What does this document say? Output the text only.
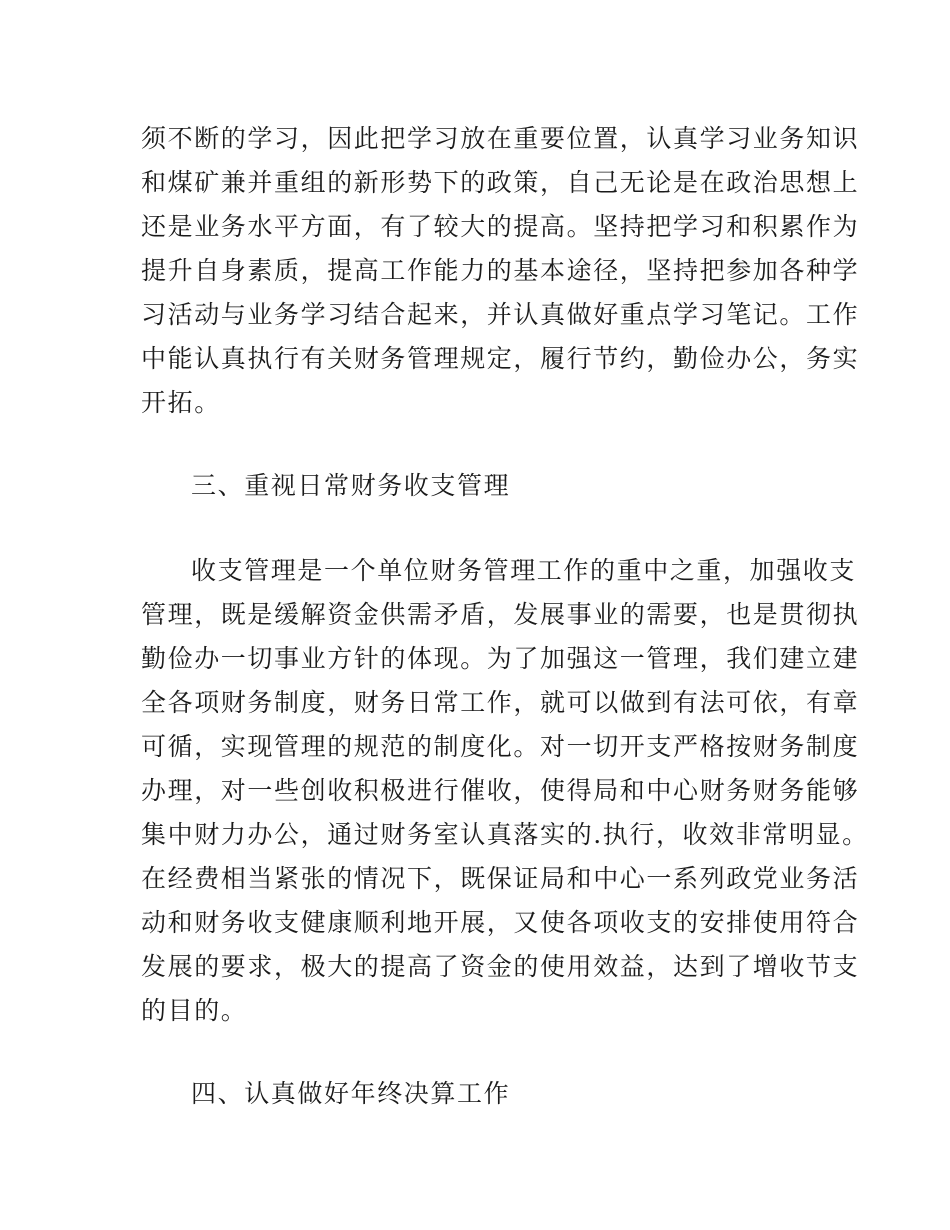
须不断的学习，因此把学习放在重要位置，认真学习业务知识
和煤矿兼并重组的新形势下的政策，自己无论是在政治思想上
还是业务水平方面，有了较大的提高。坚持把学习和积累作为
提升自身素质，提高工作能力的基本途径，坚持把参加各种学
习活动与业务学习结合起来，并认真做好重点学习笔记。工作
中能认真执行有关财务管理规定，履行节约，勤俭办公，务实
开拓。
三、重视日常财务收支管理
收支管理是一个单位财务管理工作的重中之重，加强收支
管理，既是缓解资金供需矛盾，发展事业的需要，也是贯彻执
勤俭办一切事业方针的体现。为了加强这一管理，我们建立建
全各项财务制度，财务日常工作，就可以做到有法可依，有章
可循，实现管理的规范的制度化。对一切开支严格按财务制度
办理，对一些创收积极进行催收，使得局和中心财务财务能够
集中财力办公，通过财务室认真落实的.执行，收效非常明显。
在经费相当紧张的情况下，既保证局和中心一系列政党业务活
动和财务收支健康顺利地开展，又使各项收支的安排使用符合
发展的要求，极大的提高了资金的使用效益，达到了增收节支
的目的。
四、认真做好年终决算工作
